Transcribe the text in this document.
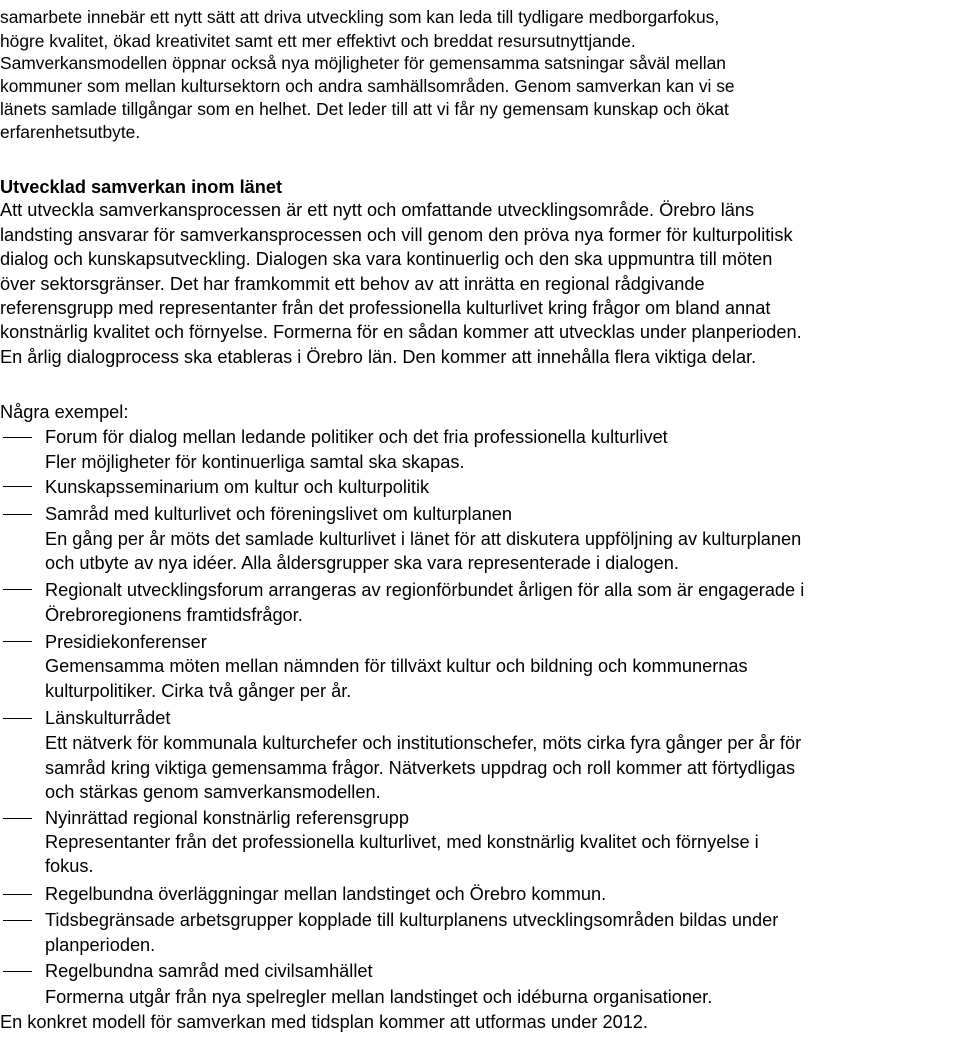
samarbete innebär ett nytt sätt att driva utveckling som kan leda till tydligare medborgarfokus,
högre kvalitet, ökad kreativitet samt ett mer effektivt och breddat resursutnyttjande.
Samverkansmodellen öppnar också nya möjligheter för gemensamma satsningar såväl mellan
kommuner som mellan kultursektorn och andra samhällsområden. Genom samverkan kan vi se
länets samlade tillgångar som en helhet. Det leder till att vi får ny gemensam kunskap och ökat
erfarenhetsutbyte.
Utvecklad samverkan inom länet
Att utveckla samverkansprocessen är ett nytt och omfattande utvecklingsområde. Örebro läns
landsting ansvarar för samverkansprocessen och vill genom den pröva nya former för kulturpolitisk
dialog och kunskapsutveckling. Dialogen ska vara kontinuerlig och den ska uppmuntra till möten
över sektorsgränser. Det har framkommit ett behov av att inrätta en regional rådgivande
referensgrupp med representanter från det professionella kulturlivet kring frågor om bland annat
konstnärlig kvalitet och förnyelse. Formerna för en sådan kommer att utvecklas under planperioden.
En årlig dialogprocess ska etableras i Örebro län. Den kommer att innehålla flera viktiga delar.
Några exempel:
Forum för dialog mellan ledande politiker och det fria professionella kulturlivet
Fler möjligheter för kontinuerliga samtal ska skapas.
Kunskapsseminarium om kultur och kulturpolitik
Samråd med kulturlivet och föreningslivet om kulturplanen
En gång per år möts det samlade kulturlivet i länet för att diskutera uppföljning av kulturplanen
och utbyte av nya idéer. Alla åldersgrupper ska vara representerade i dialogen.
Regionalt utvecklingsforum arrangeras av regionförbundet årligen för alla som är engagerade i
Örebroregionens framtidsfrågor.
Presidiekonferenser
Gemensamma möten mellan nämnden för tillväxt kultur och bildning och kommunernas
kulturpolitiker. Cirka två gånger per år.
Länskulturrådet
Ett nätverk för kommunala kulturchefer och institutionschefer, möts cirka fyra gånger per år för
samråd kring viktiga gemensamma frågor. Nätverkets uppdrag och roll kommer att förtydligas
och stärkas genom samverkansmodellen.
Nyinrättad regional konstnärlig referensgrupp
Representanter från det professionella kulturlivet, med konstnärlig kvalitet och förnyelse i
fokus.
Regelbundna överläggningar mellan landstinget och Örebro kommun.
Tidsbegränsade arbetsgrupper kopplade till kulturplanens utvecklingsområden bildas under
planperioden.
Regelbundna samråd med civilsamhället
Formerna utgår från nya spelregler mellan landstinget och idéburna organisationer.
En konkret modell för samverkan med tidsplan kommer att utformas under 2012.
